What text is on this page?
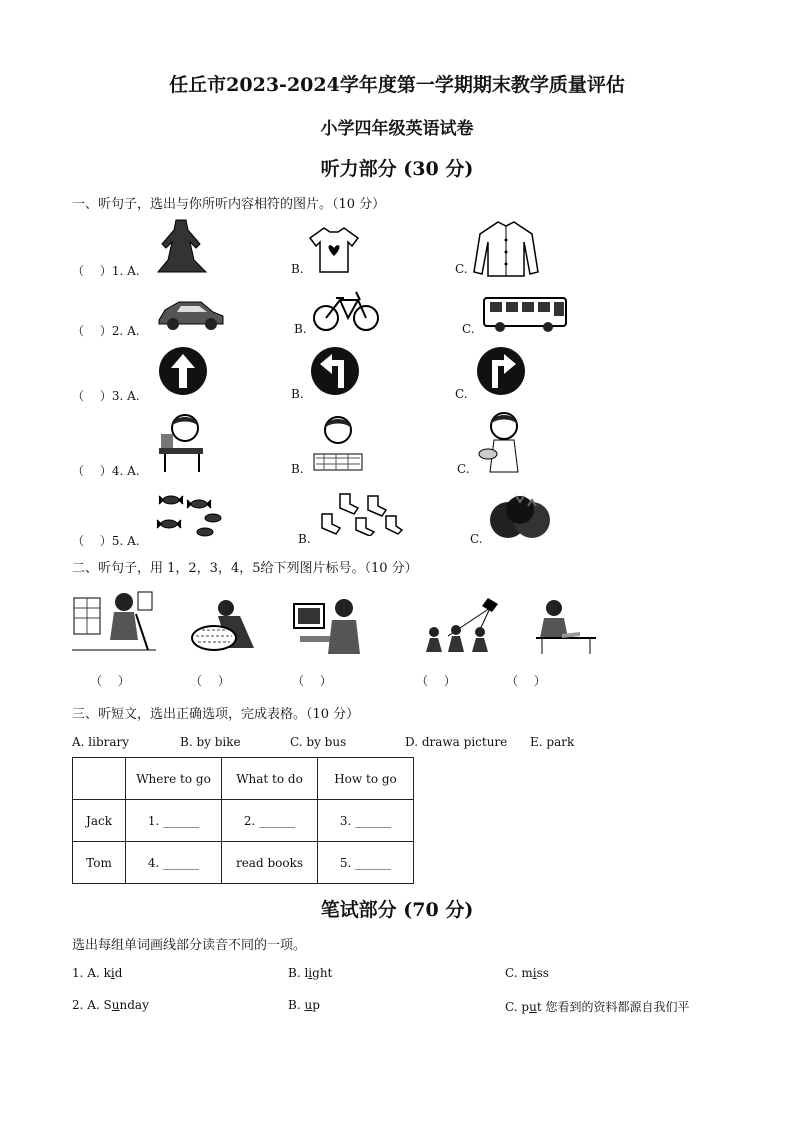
任丘市2023-2024学年度第一学期期末教学质量评估
小学四年级英语试卷
听力部分 (30 分)
一、听句子，选出与你所听内容相符的图片。（10 分）
（　 ）1. A.	B.	C.
（　 ）2. A.	B.	C.
（　 ）3. A.	B.	C.
（　 ）4. A.	B.	C.
（　 ）5. A.	B.	C.
二、听句子，用 1，2，3，4，5给下列图片标号。（10 分）
（　 ）	（　 ）	（　 ）	（　 ）	（　 ）
三、听短文，选出正确选项，完成表格。（10 分）
A. library	B. by bike	C. by bus	D. drawa picture E. park
	Where to go	What to do	How to go
Jack	1. ______	2. ______	3. ______
Tom	4. ______	read books	5. ______
笔试部分 (70 分)
选出每组单词画线部分读音不同的一项。
1. A. kid	B. light	C. miss
2. A. Sunday	B. up	C. put 您看到的资料都源自我们平
